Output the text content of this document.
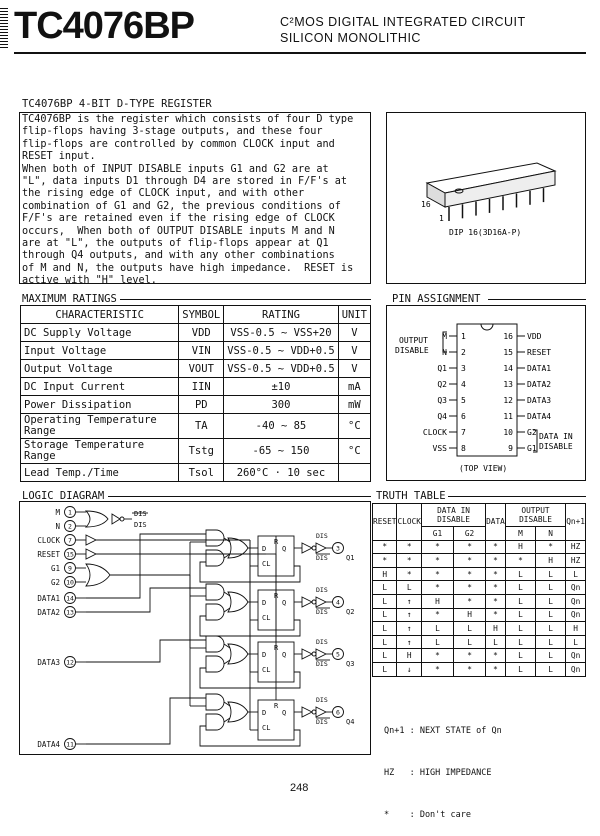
TC4076BP	C²MOS DIGITAL INTEGRATED CIRCUIT
SILICON MONOLITHIC
TC4076BP 4-BIT D-TYPE REGISTER
TC4076BP is the register which consists of four D type
flip-flops having 3-stage outputs, and these four
flip-flops are controlled by common CLOCK input and
RESET input.
When both of INPUT DISABLE inputs G1 and G2 are at
"L", data inputs D1 through D4 are stored in F/F's at
the rising edge of CLOCK input, and with other
combination of G1 and G2, the previous conditions of
F/F's are retained even if the rising edge of CLOCK
occurs,  When both of OUTPUT DISABLE inputs M and N
are at "L", the outputs of flip-flops appear at Q1
through Q4 outputs, and with any other combinations
of M and N, the outputs have high impedance.  RESET is
active with "H" level.
16
1
DIP 16(3D16A-P)
MAXIMUM RATINGS
CHARACTERISTIC	SYMBOL	RATING	UNIT
DC Supply Voltage	VDD	VSS-0.5 ~ VSS+20	V
Input Voltage	VIN	VSS-0.5 ~ VDD+0.5	V
Output Voltage	VOUT	VSS-0.5 ~ VDD+0.5	V
DC Input Current	IIN	±10	mA
Power Dissipation	PD	300	mW
Operating Temperature Range	TA	-40 ~ 85	°C
Storage Temperature Range	Tstg	-65 ~ 150	°C
Lead Temp./Time	Tsol	260°C · 10 sec	
PIN ASSIGNMENT
OUTPUT
DISABLE
DATA IN
DISABLE
(TOP VIEW)
1
M
2
N
3
Q1
4
Q2
5
Q3
6
Q4
7
CLOCK
8
VSS
16 VDD
15 RESET
14 DATA1
13 DATA2
12 DATA3
11 DATA4
10 G2
9 G1
LOGIC DIAGRAM
M 1
N 2
CLOCK 7
RESET 15
G1 9
G2 10
DATA1 14
DATA2 13
DATA3 12
DATA4 11
DIS
DIS
D Q
R
CL
3
Q1
DIS
DIS
D Q
R
CL
4
Q2
DIS
DIS
D Q
R
CL
5
Q3
DIS
DIS
D Q
R
CL
6
Q4
DIS
DIS
TRUTH TABLE
RESET	CLOCK	DATA IN DISABLE		DATA	OUTPUT DISABLE		Qn+1
		G1	G2		M	N	
*	*	*	*	*	H	*	HZ
*	*	*	*	*	*	H	HZ
H	*	*	*	*	L	L	L
L	L	*	*	*	L	L	Qn
L	↑	H	*	*	L	L	Qn
L	↑	*	H	*	L	L	Qn
L	↑	L	L	H	L	L	H
L	↑	L	L	L	L	L	L
L	H	*	*	*	L	L	Qn
L	↓	*	*	*	L	L	Qn

Qn+1 : NEXT STATE of Qn

HZ   : HIGH IMPEDANCE

*    : Don't care

248
